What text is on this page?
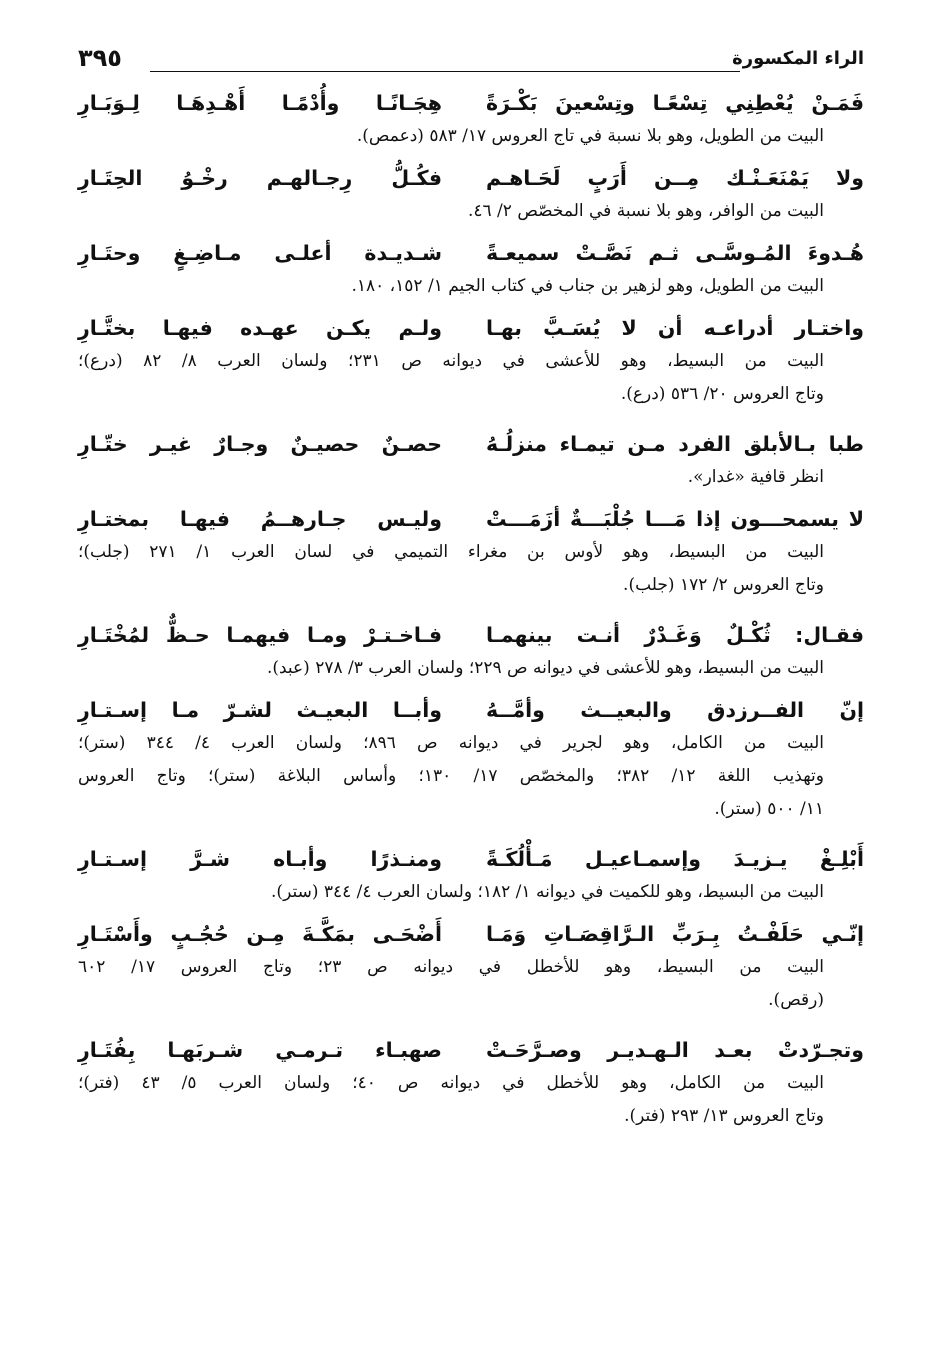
الراء المكسورة
٣٩٥
فَمَـنْ يُعْطِنِي تِسْعًـا وتِسْعينَ بَكْـرَةً
هِجَـانًـا وأُدْمًـا أَهْـدِهَـا لِـوَبَـارِ
البيت من الطويل، وهو بلا نسبة في تاج العروس ١٧/ ٥٨٣ (دعمص).
ولا يَمْنَعَـنْـك مِــن أَرَبٍ لَحَـاهـم
فكُـلُّ رِجـالهـم رخْـوُ الحِتَـارِ
البيت من الوافر، وهو بلا نسبة في المخصّص ٢/ ٤٦.
هُـدوءَ المُـوسَّـى ثـم نَصَّـتْ سميعـةً
شـديـدة أعلـى مـاضِـغٍ وحتَـارِ
البيت من الطويل، وهو لزهير بن جناب في كتاب الجيم ١/ ١٥٢، ١٨٠.
واختـار أدراعـه أن لا يُسَـبَّ بهـا
ولـم يكـن عهـده فيهـا بختَّـارِ
البيت من البسيط، وهو للأعشى في ديوانه ص ٢٣١؛ ولسان العرب ٨/ ٨٢ (درع)؛
وتاج العروس ٢٠/ ٥٣٦ (درع).
طبا بـالأبلق الفرد مـن تيمـاء منزلُـهُ
حصـنٌ حصيـنٌ وجـارٌ غيـر ختّـارِ
انظر قافية «غدار».
لا يسمحـــون إذا مَـــا جُلْبَـــةٌ أزَمَـــتْ
وليـس جـارهــمُ فيهـا بمختـارِ
البيت من البسيط، وهو لأوس بن مغراء التميمي في لسان العرب ١/ ٢٧١ (جلب)؛
وتاج العروس ٢/ ١٧٢ (جلب).
فقـال: ثُكْـلٌ وَغَـدْرٌ أنـت بينهمـا
فـاخـتـرْ ومـا فيهمـا حـظٌّ لمُخْتَـارِ
البيت من البسيط، وهو للأعشى في ديوانه ص ٢٢٩؛ ولسان العرب ٣/ ٢٧٨ (عبد).
إنّ الفــرزدق والبعيــث وأمَّــهُ
وأبــا البعيـث لشـرّ مـا إسـتـارِ
البيت من الكامل، وهو لجرير في ديوانه ص ٨٩٦؛ ولسان العرب ٤/ ٣٤٤ (ستر)؛
وتهذيب اللغة ١٢/ ٣٨٢؛ والمخصّص ١٧/ ١٣٠؛ وأساس البلاغة (ستر)؛ وتاج العروس
١١/ ٥٠٠ (ستر).
أَبْلِـغْ يـزيـدَ وإسمـاعيـل مَـأْلُكَـةً
ومنـذرًا وأبـاه شـرَّ إسـتـارِ
البيت من البسيط، وهو للكميت في ديوانه ١/ ١٨٢؛ ولسان العرب ٤/ ٣٤٤ (ستر).
إنّـي حَلَفْـتُ بِـرَبِّ الـرَّاقِصَـاتِ وَمَـا
أَضْحَـى بمَكَّـةَ مِـن حُجُـبٍ وأَسْتَـارِ
البيت من البسيط، وهو للأخطل في ديوانه ص ٢٣؛ وتاج العروس ١٧/ ٦٠٢
(رقص).
وتجـرّدتْ بعـد الـهـديـر وصـرَّحَـتْ
صهبـاء تـرمـي شـربَهـا بِفُتَـارِ
البيت من الكامل، وهو للأخطل في ديوانه ص ٤٠؛ ولسان العرب ٥/ ٤٣ (فتر)؛
وتاج العروس ١٣/ ٢٩٣ (فتر).
